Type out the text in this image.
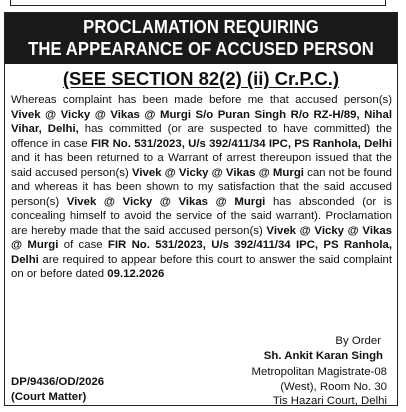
PROCLAMATION REQUIRING
THE APPEARANCE OF ACCUSED PERSON
(SEE SECTION 82(2) (ii) Cr.P.C.)
Whereas complaint has been made before me that accused person(s) Vivek @ Vicky @ Vikas @ Murgi S/o Puran Singh R/o RZ-H/89, Nihal Vihar, Delhi, has committed (or are suspected to have committed) the offence in case FIR No. 531/2023, U/s 392/411/34 IPC, PS Ranhola, Delhi and it has been returned to a Warrant of arrest thereupon issued that the said accused person(s) Vivek @ Vicky @ Vikas @ Murgi can not be found and whereas it has been shown to my satisfaction that the said accused person(s) Vivek @ Vicky @ Vikas @ Murgi has absconded (or is concealing himself to avoid the service of the said warrant). Proclamation are hereby made that the said accused person(s) Vivek @ Vicky @ Vikas @ Murgi of case FIR No. 531/2023, U/s 392/411/34 IPC, PS Ranhola, Delhi are required to appear before this court to answer the said complaint on or before dated 09.12.2026
By Order
Sh. Ankit Karan Singh
Metropolitan Magistrate-08
(West), Room No. 30
Tis Hazari Court, Delhi
DP/9436/OD/2026
(Court Matter)
